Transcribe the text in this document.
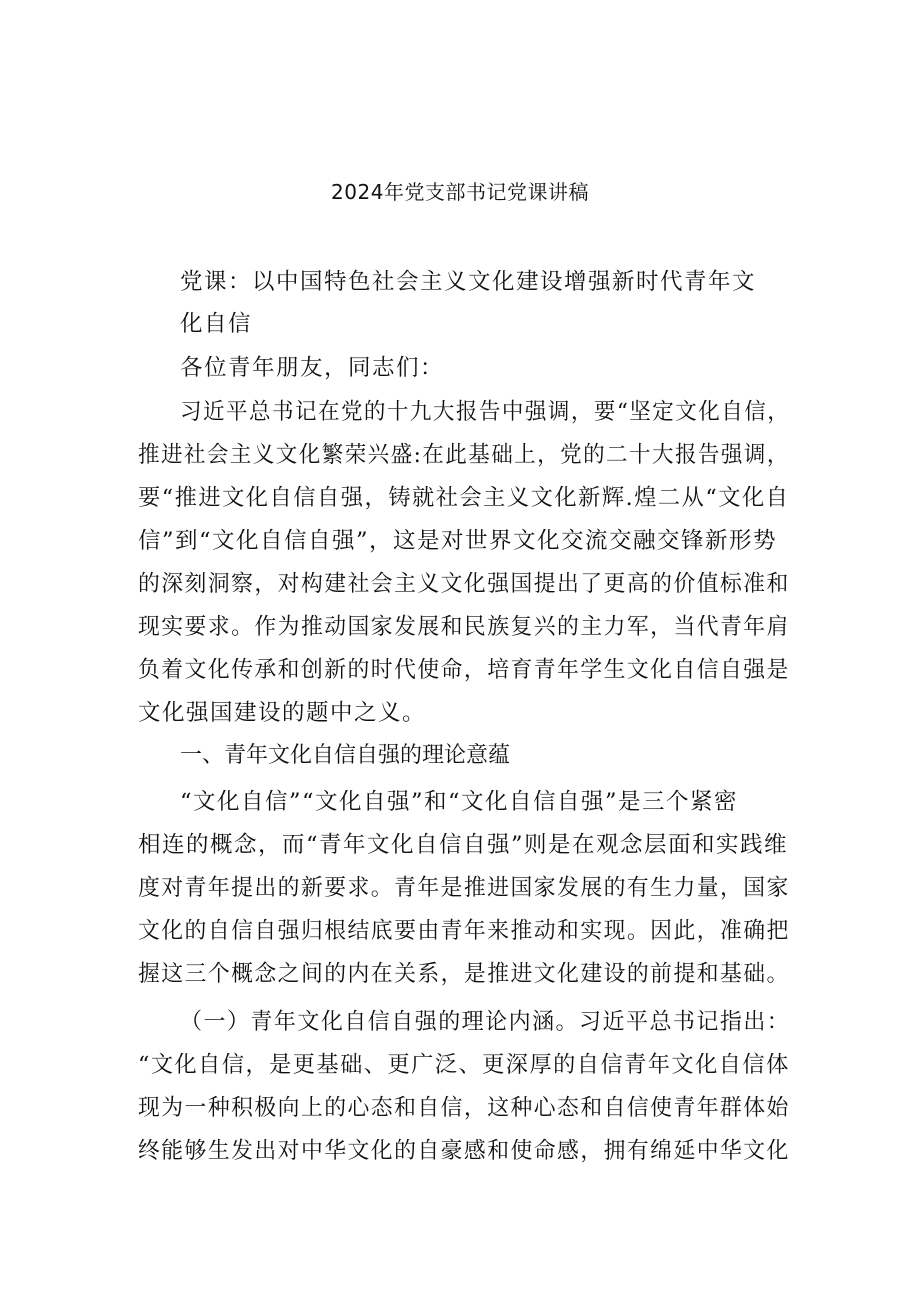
2024年党支部书记党课讲稿
党课：以中国特色社会主义文化建设增强新时代青年文
化自信
各位青年朋友，同志们：
习近平总书记在党的十九大报告中强调，要“坚定文化自信，
推进社会主义文化繁荣兴盛:在此基础上，党的二十大报告强调，
要“推进文化自信自强，铸就社会主义文化新辉.煌二从“文化自
信”到“文化自信自强”，这是对世界文化交流交融交锋新形势
的深刻洞察，对构建社会主义文化强国提出了更高的价值标准和
现实要求。作为推动国家发展和民族复兴的主力军，当代青年肩
负着文化传承和创新的时代使命，培育青年学生文化自信自强是
文化强国建设的题中之义。
一、青年文化自信自强的理论意蕴
“文化自信”“文化自强”和“文化自信自强”是三个紧密
相连的概念，而“青年文化自信自强”则是在观念层面和实践维
度对青年提出的新要求。青年是推进国家发展的有生力量，国家
文化的自信自强归根结底要由青年来推动和实现。因此，准确把
握这三个概念之间的内在关系，是推进文化建设的前提和基础。
（一）青年文化自信自强的理论内涵。习近平总书记指出：
“文化自信，是更基础、更广泛、更深厚的自信青年文化自信体
现为一种积极向上的心态和自信，这种心态和自信使青年群体始
终能够生发出对中华文化的自豪感和使命感，拥有绵延中华文化
